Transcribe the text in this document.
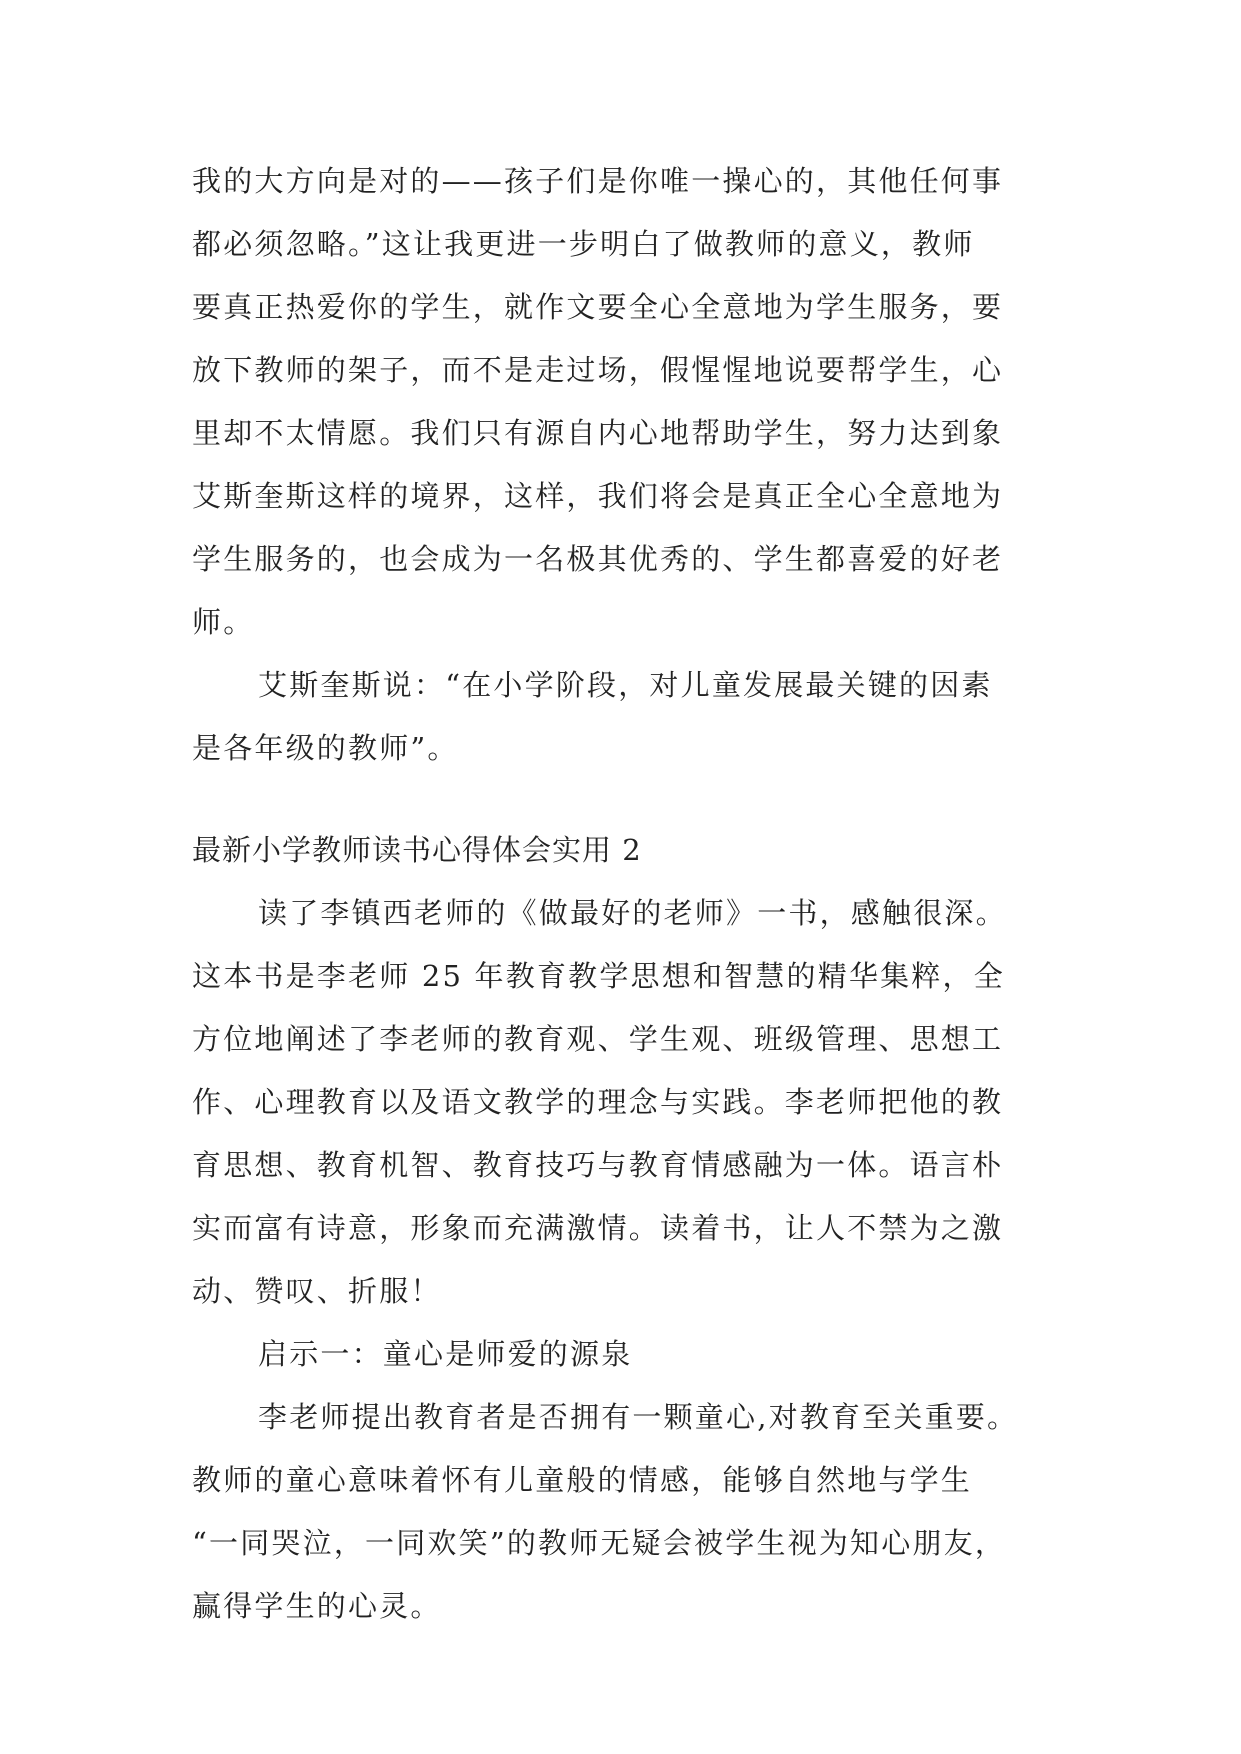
我的大方向是对的——孩子们是你唯一操心的，其他任何事
都必须忽略。”这让我更进一步明白了做教师的意义，教师
要真正热爱你的学生，就作文要全心全意地为学生服务，要
放下教师的架子，而不是走过场，假惺惺地说要帮学生，心
里却不太情愿。我们只有源自内心地帮助学生，努力达到象
艾斯奎斯这样的境界，这样，我们将会是真正全心全意地为
学生服务的，也会成为一名极其优秀的、学生都喜爱的好老
师。
艾斯奎斯说：“在小学阶段，对儿童发展最关键的因素
是各年级的教师”。
最新小学教师读书心得体会实用 2
读了李镇西老师的《做最好的老师》一书，感触很深。
这本书是李老师 25 年教育教学思想和智慧的精华集粹，全
方位地阐述了李老师的教育观、学生观、班级管理、思想工
作、心理教育以及语文教学的理念与实践。李老师把他的教
育思想、教育机智、教育技巧与教育情感融为一体。语言朴
实而富有诗意，形象而充满激情。读着书，让人不禁为之激
动、赞叹、折服！
启示一：童心是师爱的源泉
李老师提出教育者是否拥有一颗童心,对教育至关重要。
教师的童心意味着怀有儿童般的情感，能够自然地与学生
“一同哭泣，一同欢笑”的教师无疑会被学生视为知心朋友，
赢得学生的心灵。
